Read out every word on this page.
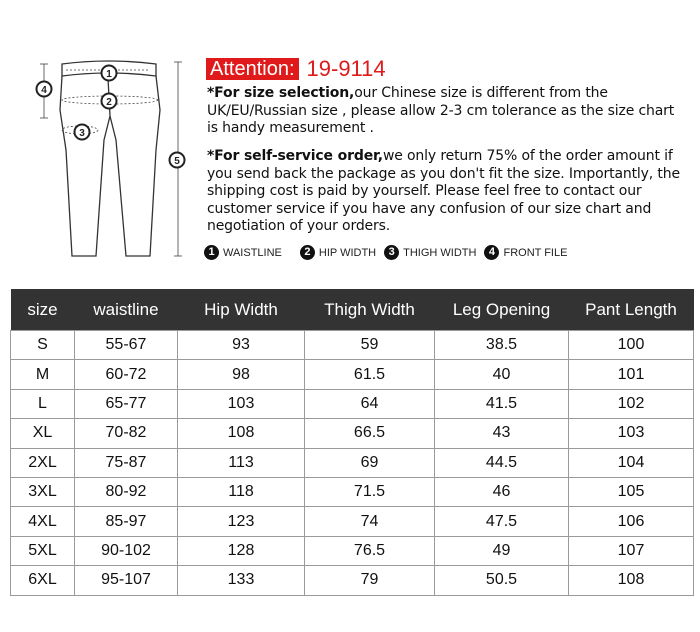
1
2
3
4
5
Attention: 19-9114
*For size selection,our Chinese size is different from the UK/EU/Russian size , please allow 2-3 cm tolerance as the size chart is handy measurement .
*For self-service order,we only return 75% of the order amount if you send back the package as you don't fit the size. Importantly, the shipping cost is paid by yourself. Please feel free to contact our customer service if you have any confusion of our size chart and negotiation of your orders.
1 WAISTLINE	2 HIP WIDTH	3 THIGH WIDTH	4 FRONT FILE
size	waistline	Hip Width	Thigh Width	Leg Opening	Pant Length
S	55-67	93	59	38.5	100
M	60-72	98	61.5	40	101
L	65-77	103	64	41.5	102
XL	70-82	108	66.5	43	103
2XL	75-87	113	69	44.5	104
3XL	80-92	118	71.5	46	105
4XL	85-97	123	74	47.5	106
5XL	90-102	128	76.5	49	107
6XL	95-107	133	79	50.5	108
